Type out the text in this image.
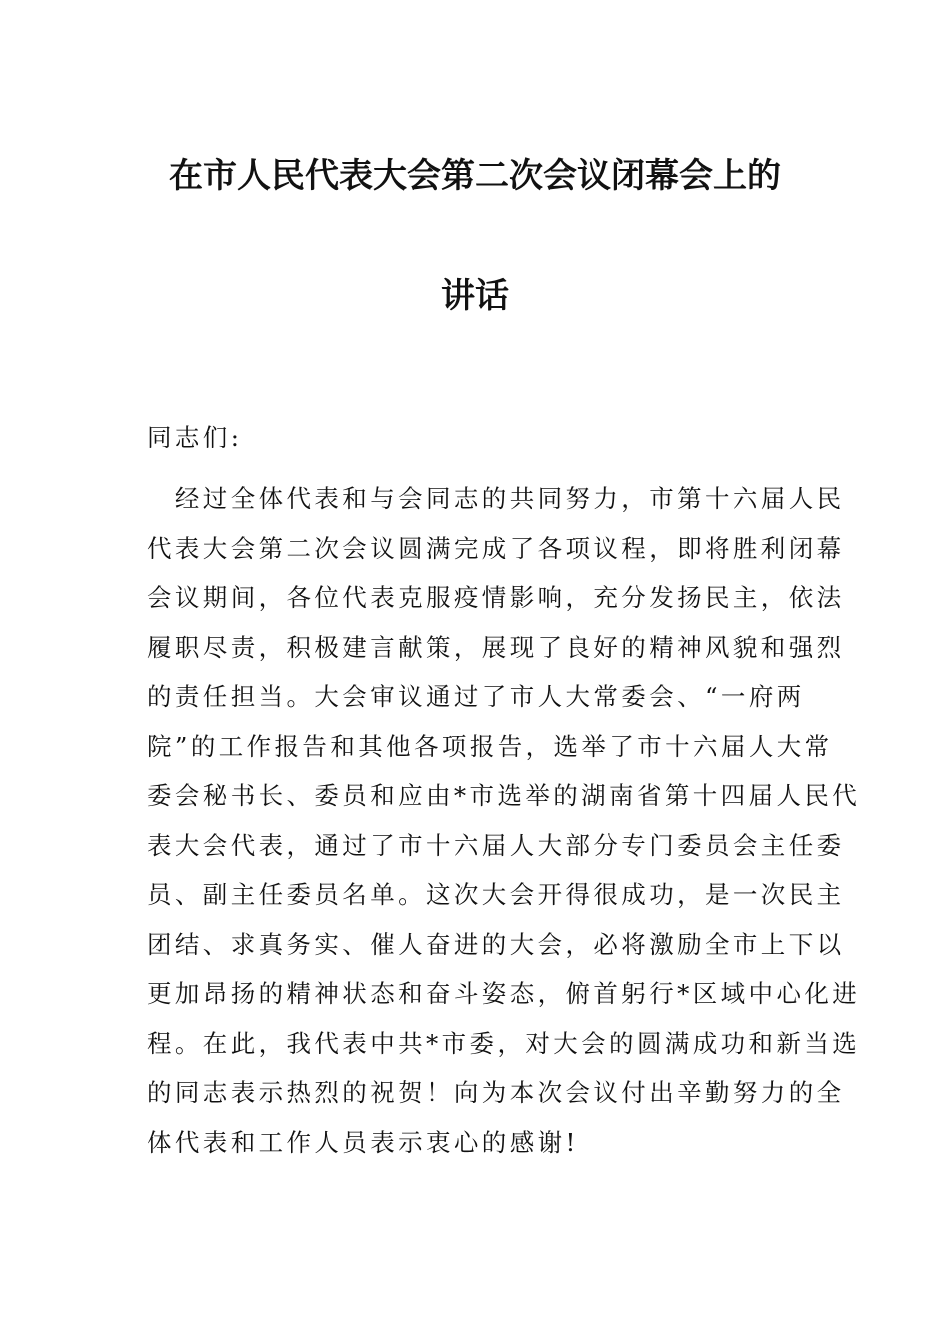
在市人民代表大会第二次会议闭幕会上的
讲话
同志们:
　经过全体代表和与会同志的共同努力，市第十六届人民
代表大会第二次会议圆满完成了各项议程，即将胜利闭幕
会议期间，各位代表克服疫情影响，充分发扬民主，依法
履职尽责，积极建言献策，展现了良好的精神风貌和强烈
的责任担当。大会审议通过了市人大常委会、“一府两
院”的工作报告和其他各项报告，选举了市十六届人大常
委会秘书长、委员和应由*市选举的湖南省第十四届人民代
表大会代表，通过了市十六届人大部分专门委员会主任委
员、副主任委员名单。这次大会开得很成功，是一次民主
团结、求真务实、催人奋进的大会，必将激励全市上下以
更加昂扬的精神状态和奋斗姿态，俯首躬行*区域中心化进
程。在此，我代表中共*市委，对大会的圆满成功和新当选
的同志表示热烈的祝贺！向为本次会议付出辛勤努力的全
体代表和工作人员表示衷心的感谢!
